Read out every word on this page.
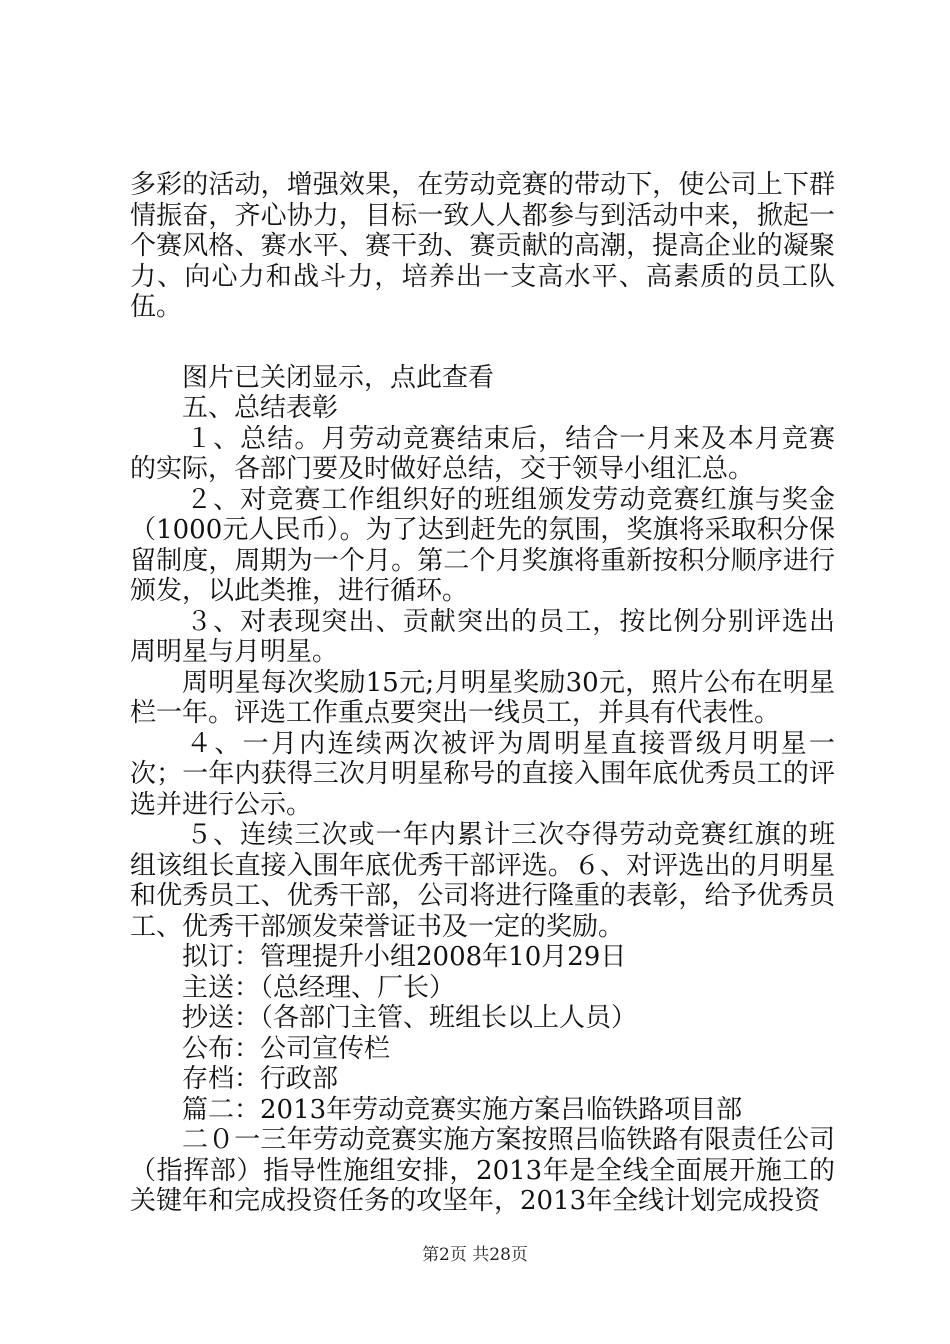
多彩的活动，增强效果，在劳动竞赛的带动下，使公司上下群情振奋，齐心协力，目标一致人人都参与到活动中来，掀起一个赛风格、赛水平、赛干劲、赛贡献的高潮，提高企业的凝聚力、向心力和战斗力，培养出一支高水平、高素质的员工队伍。

图片已关闭显示，点此查看

五、总结表彰

１、总结。月劳动竞赛结束后，结合一月来及本月竞赛的实际，各部门要及时做好总结，交于领导小组汇总。

２、对竞赛工作组织好的班组颁发劳动竞赛红旗与奖金（1000元人民币）。为了达到赶先的氛围，奖旗将采取积分保留制度，周期为一个月。第二个月奖旗将重新按积分顺序进行颁发，以此类推，进行循环。

３、对表现突出、贡献突出的员工，按比例分别评选出周明星与月明星。

周明星每次奖励15元;月明星奖励30元，照片公布在明星栏一年。评选工作重点要突出一线员工，并具有代表性。

４、一月内连续两次被评为周明星直接晋级月明星一次；一年内获得三次月明星称号的直接入围年底优秀员工的评选并进行公示。

５、连续三次或一年内累计三次夺得劳动竞赛红旗的班组该组长直接入围年底优秀干部评选。６、对评选出的月明星和优秀员工、优秀干部，公司将进行隆重的表彰，给予优秀员工、优秀干部颁发荣誉证书及一定的奖励。

拟订：管理提升小组2008年10月29日

主送：（总经理、厂长）

抄送：（各部门主管、班组长以上人员）

公布：公司宣传栏

存档：行政部

篇二：2013年劳动竞赛实施方案吕临铁路项目部

二０一三年劳动竞赛实施方案按照吕临铁路有限责任公司（指挥部）指导性施组安排，2013年是全线全面展开施工的关键年和完成投资任务的攻坚年，2013年全线计划完成投资

第2页 共28页
